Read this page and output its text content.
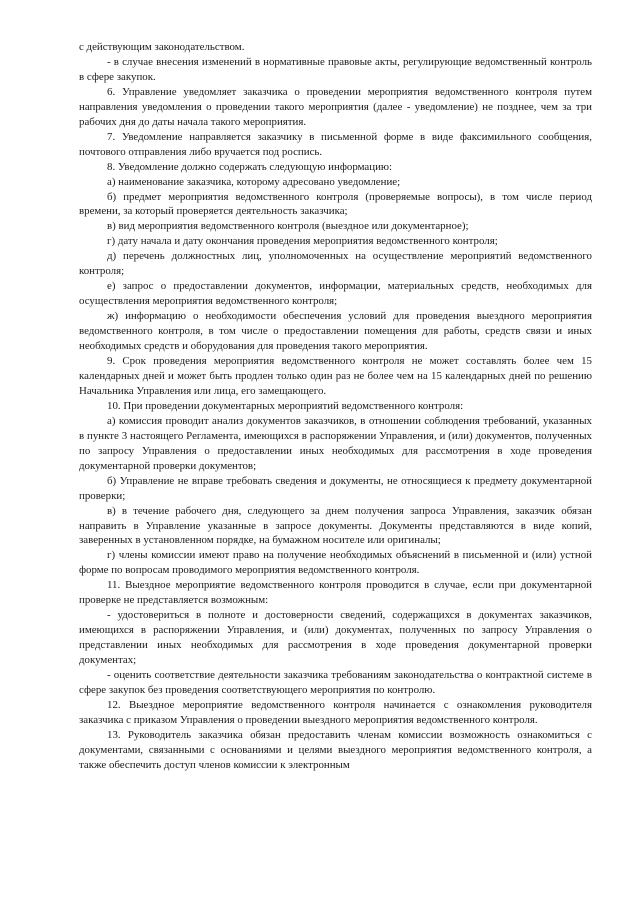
с действующим законодательством.

- в случае внесения изменений в нормативные правовые акты, регулирующие ведомственный контроль в сфере закупок.

6. Управление уведомляет заказчика о проведении мероприятия ведомственного контроля путем направления уведомления о проведении такого мероприятия (далее - уведомление) не позднее, чем за три рабочих дня до даты начала такого мероприятия.

7. Уведомление направляется заказчику в письменной форме в виде факсимильного сообщения, почтового отправления либо вручается под роспись.

8. Уведомление должно содержать следующую информацию:

а) наименование заказчика, которому адресовано уведомление;

б) предмет мероприятия ведомственного контроля (проверяемые вопросы), в том числе период времени, за который проверяется деятельность заказчика;

в) вид мероприятия ведомственного контроля (выездное или документарное);

г) дату начала и дату окончания проведения мероприятия ведомственного контроля;

д) перечень должностных лиц, уполномоченных на осуществление мероприятий ведомственного контроля;

е) запрос о предоставлении документов, информации, материальных средств, необходимых для осуществления мероприятия ведомственного контроля;

ж) информацию о необходимости обеспечения условий для проведения выездного мероприятия ведомственного контроля, в том числе о предоставлении помещения для работы, средств связи и иных необходимых средств и оборудования для проведения такого мероприятия.

9. Срок проведения мероприятия ведомственного контроля не может составлять более чем 15 календарных дней и может быть продлен только один раз не более чем на 15 календарных дней по решению Начальника Управления или лица, его замещающего.

10. При проведении документарных мероприятий ведомственного контроля:

а) комиссия проводит анализ документов заказчиков, в отношении соблюдения требований, указанных в пункте 3 настоящего Регламента, имеющихся в распоряжении Управления, и (или) документов, полученных по запросу Управления о предоставлении иных необходимых для рассмотрения в ходе проведения документарной проверки документов;

б) Управление не вправе требовать сведения и документы, не относящиеся к предмету документарной проверки;

в) в течение рабочего дня, следующего за днем получения запроса Управления, заказчик обязан направить в Управление указанные в запросе документы. Документы представляются в виде копий, заверенных в установленном порядке, на бумажном носителе или оригиналы;

г) члены комиссии имеют право на получение необходимых объяснений в письменной и (или) устной форме по вопросам проводимого мероприятия ведомственного контроля.

11. Выездное мероприятие ведомственного контроля проводится в случае, если при документарной проверке не представляется возможным:

- удостовериться в полноте и достоверности сведений, содержащихся в документах заказчиков, имеющихся в распоряжении Управления, и (или) документах, полученных по запросу Управления о представлении иных необходимых для рассмотрения в ходе проведения документарной проверки документах;

- оценить соответствие деятельности заказчика требованиям законодательства о контрактной системе в сфере закупок без проведения соответствующего мероприятия по контролю.

12. Выездное мероприятие ведомственного контроля начинается с ознакомления руководителя заказчика с приказом Управления о проведении выездного мероприятия ведомственного контроля.

13. Руководитель заказчика обязан предоставить членам комиссии возможность ознакомиться с документами, связанными с основаниями и целями выездного мероприятия ведомственного контроля, а также обеспечить доступ членов комиссии к электронным
